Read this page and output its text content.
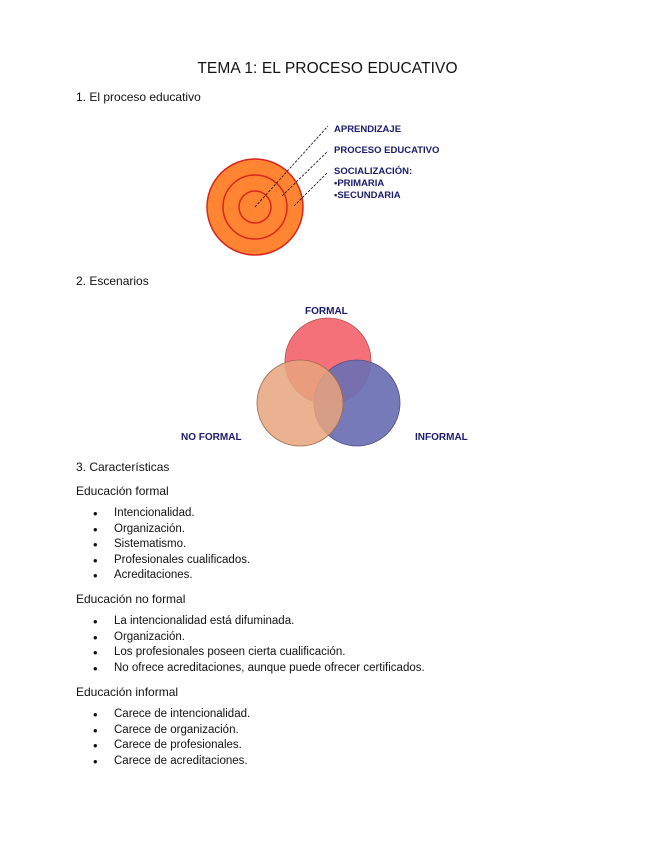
TEMA 1: EL PROCESO EDUCATIVO
1. El proceso educativo
APRENDIZAJE
PROCESO EDUCATIVO
SOCIALIZACIÓN:
•PRIMARIA
•SECUNDARIA
FORMAL
NO FORMAL	INFORMAL
2. Escenarios
3. Características
Educación formal
• Intencionalidad.
• Organización.
• Sistematismo.
• Profesionales cualificados.
• Acreditaciones.
Educación no formal
• La intencionalidad está difuminada.
• Organización.
• Los profesionales poseen cierta cualificación.
• No ofrece acreditaciones, aunque puede ofrecer certificados.
Educación informal
• Carece de intencionalidad.
• Carece de organización.
• Carece de profesionales.
• Carece de acreditaciones.
